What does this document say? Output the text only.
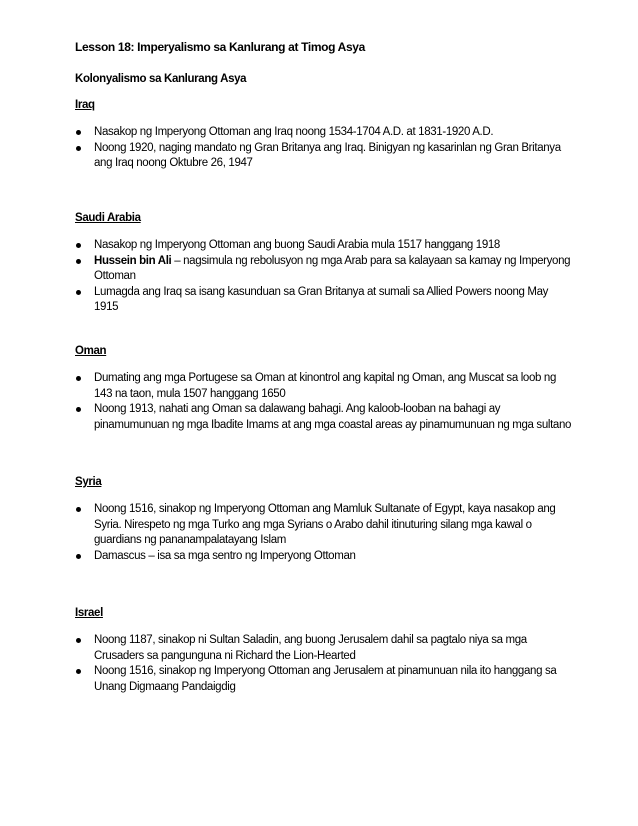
Lesson 18: Imperyalismo sa Kanlurang at Timog Asya
Kolonyalismo sa Kanlurang Asya

Iraq

Nasakop ng Imperyong Ottoman ang Iraq noong 1534-1704 A.D. at 1831-1920 A.D.
Noong 1920, naging mandato ng Gran Britanya ang Iraq. Binigyan ng kasarinlan ng Gran Britanya ang Iraq noong Oktubre 26, 1947

Saudi Arabia

Nasakop ng Imperyong Ottoman ang buong Saudi Arabia mula 1517 hanggang 1918
Hussein bin Ali – nagsimula ng rebolusyon ng mga Arab para sa kalayaan sa kamay ng Imperyong Ottoman
Lumagda ang Iraq sa isang kasunduan sa Gran Britanya at sumali sa Allied Powers noong May 1915

Oman

Dumating ang mga Portugese sa Oman at kinontrol ang kapital ng Oman, ang Muscat sa loob ng 143 na taon, mula 1507 hanggang 1650
Noong 1913, nahati ang Oman sa dalawang bahagi. Ang kaloob-looban na bahagi ay pinamumunuan ng mga Ibadite Imams at ang mga coastal areas ay pinamumunuan ng mga sultano

Syria

Noong 1516, sinakop ng Imperyong Ottoman ang Mamluk Sultanate of Egypt, kaya nasakop ang Syria. Nirespeto ng mga Turko ang mga Syrians o Arabo dahil itinuturing silang mga kawal o guardians ng pananampalatayang Islam
Damascus – isa sa mga sentro ng Imperyong Ottoman

Israel

Noong 1187, sinakop ni Sultan Saladin, ang buong Jerusalem dahil sa pagtalo niya sa mga Crusaders sa pangunguna ni Richard the Lion-Hearted
Noong 1516, sinakop ng Imperyong Ottoman ang Jerusalem at pinamunuan nila ito hanggang sa Unang Digmaang Pandaigdig
